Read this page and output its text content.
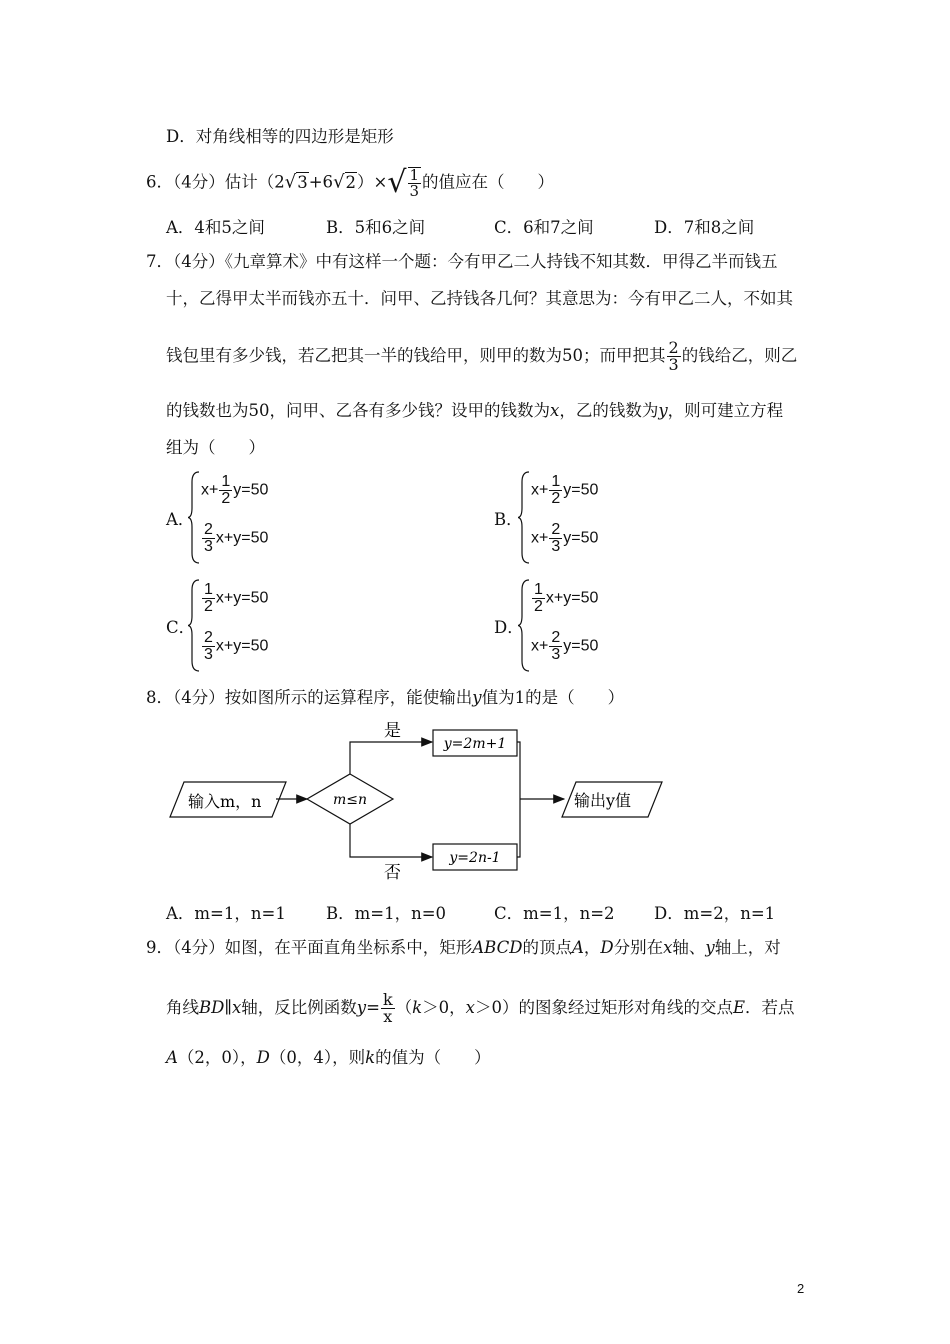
D．对角线相等的四边形是矩形
6．（4分）估计$(2√3+6√2)\times√ \frac{1}{3}$ 的值应在（　　）
A．4和5之间	B．5和6之间	C．6和7之间	D．7和8之间
7．（4分）《九章算术》中有这样一个题：今有甲乙二人持钱不知其数．甲得乙半而钱五
十，乙得甲太半而钱亦五十．问甲、乙持钱各几何？其意思为：今有甲乙二人，不如其
钱包里有多少钱，若乙把其一半的钱给甲，则甲的数为50；而甲把其 $\frac{2}{3}$ 的钱给乙，则乙
的钱数也为50，问甲、乙各有多少钱？设甲的钱数为x，乙的钱数为y，则可建立方程
组为（　　）
A．
$x+ \frac{1}{2} y=50$
$\frac{2}{3} x+y=50$
B．
$x+ \frac{1}{2} y=50$
$x+ \frac{2}{3} y=50$
C．
$\frac{1}{2} x+y=50$
$\frac{2}{3} x+y=50$
D．
$\frac{1}{2} x+y=50$
$x+ \frac{2}{3} y=50$
8．（4分）按如图所示的运算程序，能使输出y值为1的是（　　）
输入m，n	m≤n
是
y=2m+1
否
y=2n-1
输出y值
A．m=1，n=1 B．m=1，n=0	C．m=1，n=2 D．m=2，n=1
9．（4分）如图，在平面直角坐标系中，矩形ABCD的顶点A，D分别在x轴、y轴上，对
角线BD∥x轴，反比例函数$y= \frac{k}{x} (k>0$，x＞0）的图象经过矩形对角线的交点E．若点
A（2，0），D（0，4），则k的值为（　　）
2
